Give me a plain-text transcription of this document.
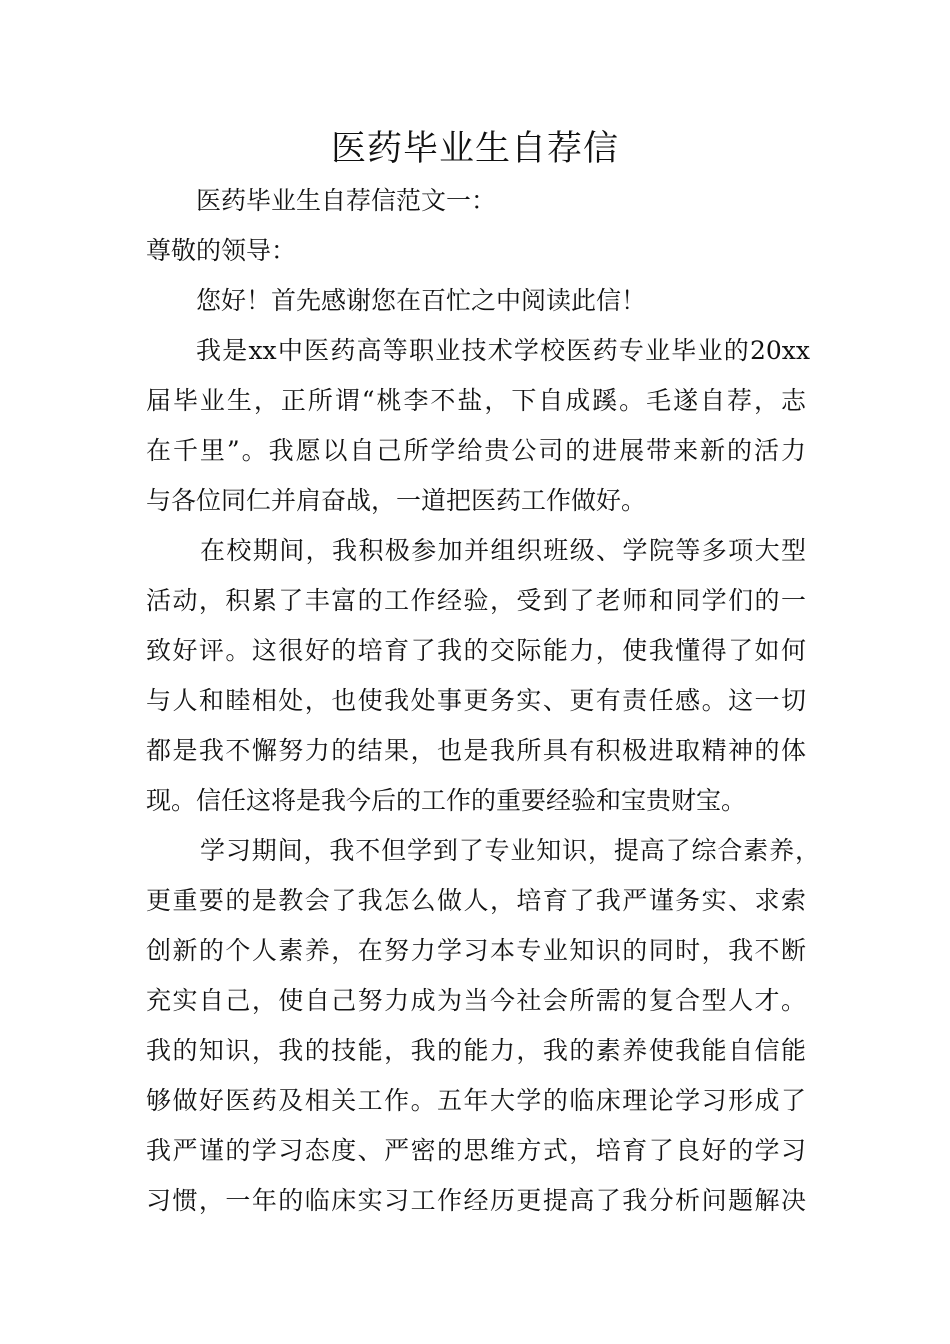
医药毕业生自荐信

医药毕业生自荐信范文一：

尊敬的领导：

您好！首先感谢您在百忙之中阅读此信！

我是xx中医药高等职业技术学校医药专业毕业的20xx

届毕业生，正所谓“桃李不盐，下自成蹊。毛遂自荐，志

在千里”。我愿以自己所学给贵公司的进展带来新的活力

与各位同仁并肩奋战，一道把医药工作做好。

在校期间，我积极参加并组织班级、学院等多项大型

活动，积累了丰富的工作经验，受到了老师和同学们的一

致好评。这很好的培育了我的交际能力，使我懂得了如何

与人和睦相处，也使我处事更务实、更有责任感。这一切

都是我不懈努力的结果，也是我所具有积极进取精神的体

现。信任这将是我今后的工作的重要经验和宝贵财宝。

学习期间，我不但学到了专业知识，提高了综合素养，

更重要的是教会了我怎么做人，培育了我严谨务实、求索

创新的个人素养，在努力学习本专业知识的同时，我不断

充实自己，使自己努力成为当今社会所需的复合型人才。

我的知识，我的技能，我的能力，我的素养使我能自信能

够做好医药及相关工作。五年大学的临床理论学习形成了

我严谨的学习态度、严密的思维方式，培育了良好的学习

习惯，一年的临床实习工作经历更提高了我分析问题解决
